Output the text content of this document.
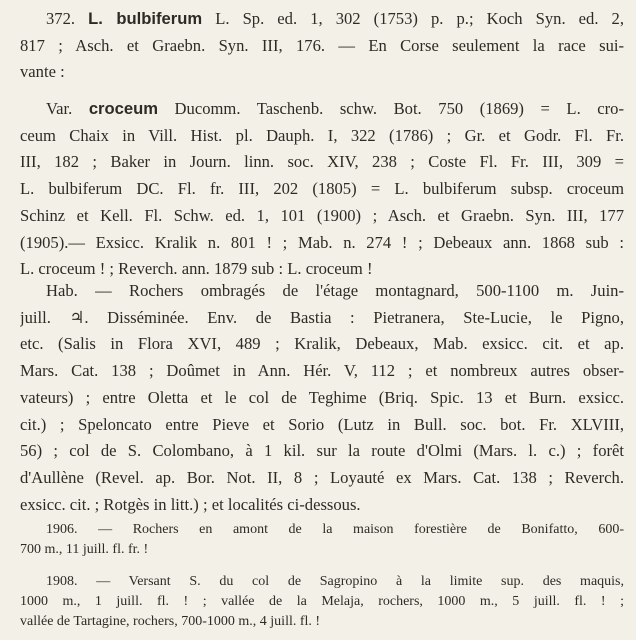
372. L. bulbiferum L. Sp. ed. 1, 302 (1753) p. p.; Koch Syn. ed. 2,
817 ; Asch. et Graebn. Syn. III, 176. — En Corse seulement la race sui-
vante :
Var. croceum Ducomm. Taschenb. schw. Bot. 750 (1869) = L. cro-
ceum Chaix in Vill. Hist. pl. Dauph. I, 322 (1786) ; Gr. et Godr. Fl. Fr.
III, 182 ; Baker in Journ. linn. soc. XIV, 238 ; Coste Fl. Fr. III, 309 =
L. bulbiferum DC. Fl. fr. III, 202 (1805) = L. bulbiferum subsp. croceum
Schinz et Kell. Fl. Schw. ed. 1, 101 (1900) ; Asch. et Graebn. Syn. III, 177
(1905).— Exsicc. Kralik n. 801 ! ; Mab. n. 274 ! ; Debeaux ann. 1868 sub :
L. croceum ! ; Reverch. ann. 1879 sub : L. croceum !
Hab. — Rochers ombragés de l'étage montagnard, 500-1100 m. Juin-
juill. ♃. Disséminée. Env. de Bastia : Pietranera, Ste-Lucie, le Pigno,
etc. (Salis in Flora XVI, 489 ; Kralik, Debeaux, Mab. exsicc. cit. et ap.
Mars. Cat. 138 ; Doûmet in Ann. Hér. V, 112 ; et nombreux autres obser-
vateurs) ; entre Oletta et le col de Teghime (Briq. Spic. 13 et Burn. exsicc.
cit.) ; Speloncato entre Pieve et Sorio (Lutz in Bull. soc. bot. Fr. XLVIII,
56) ; col de S. Colombano, à 1 kil. sur la route d'Olmi (Mars. l. c.) ; forêt
d'Aullène (Revel. ap. Bor. Not. II, 8 ; Loyauté ex Mars. Cat. 138 ; Reverch.
exsicc. cit. ; Rotgès in litt.) ; et localités ci-dessous.
1906. — Rochers en amont de la maison forestière de Bonifatto, 600-
700 m., 11 juill. fl. fr. !
1908. — Versant S. du col de Sagropino à la limite sup. des maquis,
1000 m., 1 juill. fl. ! ; vallée de la Melaja, rochers, 1000 m., 5 juill. fl. ! ;
vallée de Tartagine, rochers, 700-1000 m., 4 juill. fl. !
